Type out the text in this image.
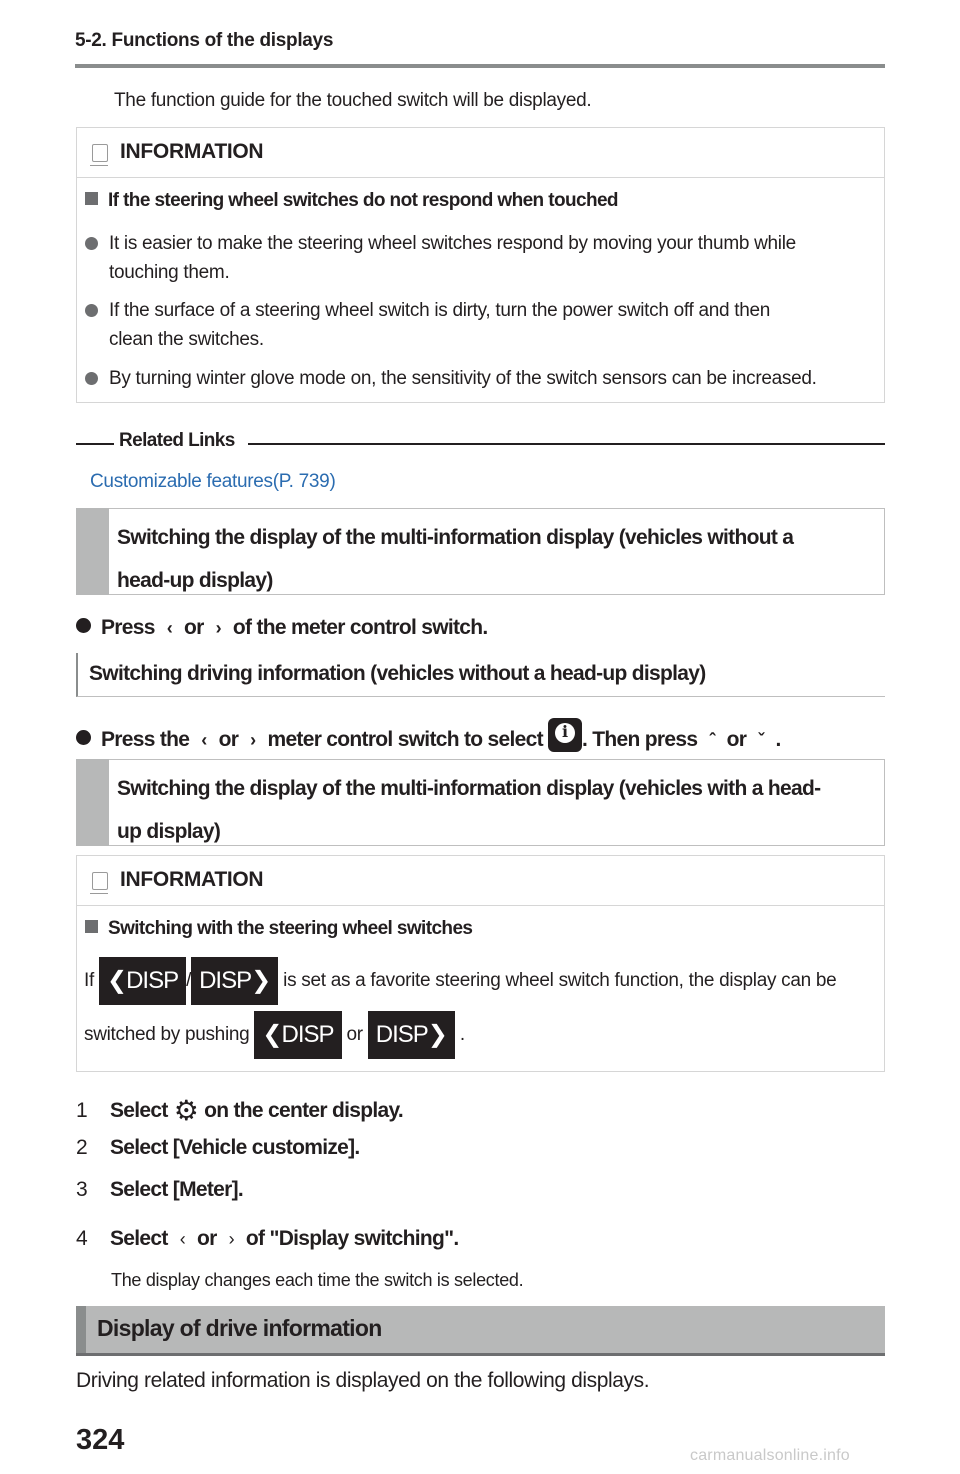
5-2. Functions of the displays
The function guide for the touched switch will be displayed.
INFORMATION
If the steering wheel switches do not respond when touched
It is easier to make the steering wheel switches respond by moving your thumb while
touching them.
If the surface of a steering wheel switch is dirty, turn the power switch off and then
clean the switches.
By turning winter glove mode on, the sensitivity of the switch sensors can be increased.
Related Links
Customizable features(P. 739)
Switching the display of the multi-information display (vehicles without a
head-up display)
Press ‹ or › of the meter control switch.
Switching driving information (vehicles without a head-up display)
Press the ‹ or › meter control switch to select i . Then press ˆ or ˇ .
Switching the display of the multi-information display (vehicles with a head-
up display)
INFORMATION
Switching with the steering wheel switches
If ❮DISP / DISP❯ is set as a favorite steering wheel switch function, the display can be
switched by pushing ❮DISP or DISP❯ .
1 Select ⚙ on the center display.
2 Select [Vehicle customize].
3 Select [Meter].
4 Select ‹ or › of "Display switching".
The display changes each time the switch is selected.
Display of drive information
Driving related information is displayed on the following displays.
324	carmanualsonline.info
